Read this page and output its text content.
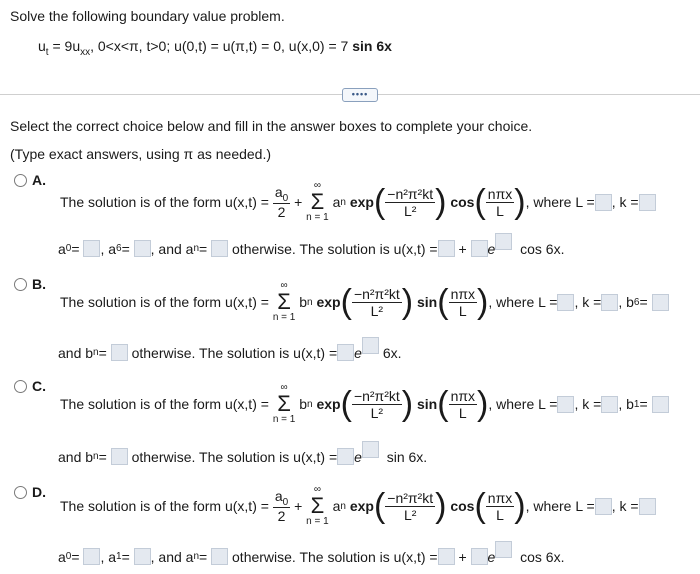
Solve the following boundary value problem.
$u_t = 9u_{xx}$, 0<x<π, t>0; u(0,t) = u(π,t) = 0, u(x,0) = 7 sin 6x
••••
Select the correct choice below and fill in the answer boxes to complete your choice.
(Type exact answers, using π as needed.)
A.
The solution is of the form u(x,t) =
$\frac{a_0}{2}$
+

∞
Σ
n = 1

a n
exp ( $\frac{\text{−n²π²kt}}{\text{L²}}$ )
cos ( $\frac{\text{nπx}}{L}$ ) , where L = , k =
a 0 =
, a 6 =
, and a n =

otherwise. The solution is u(x,t) =
+
e
cos 6x.
B.
The solution is of the form u(x,t) =

∞
Σ
n = 1

b n
exp ( $\frac{\text{−n²π²kt}}{\text{L²}}$ )
sin ( $\frac{\text{nπx}}{L}$ ) , where L = , k = , b 6 =

and b n =

otherwise. The solution is u(x,t) = e
6x.
C.
The solution is of the form u(x,t) =

∞
Σ
n = 1

b n
exp ( $\frac{\text{−n²π²kt}}{\text{L²}}$ )
sin ( $\frac{\text{nπx}}{L}$ ) , where L = , k = , b 1 =

and b n =

otherwise. The solution is u(x,t) = e
sin 6x.
D.
The solution is of the form u(x,t) =
$\frac{a_0}{2}$
+

∞
Σ
n = 1

a n
exp ( $\frac{\text{−n²π²kt}}{\text{L²}}$ )
cos ( $\frac{\text{nπx}}{L}$ ) , where L = , k =
a 0 =
, a 1 =
, and a n =

otherwise. The solution is u(x,t) =
+
e
cos 6x.
